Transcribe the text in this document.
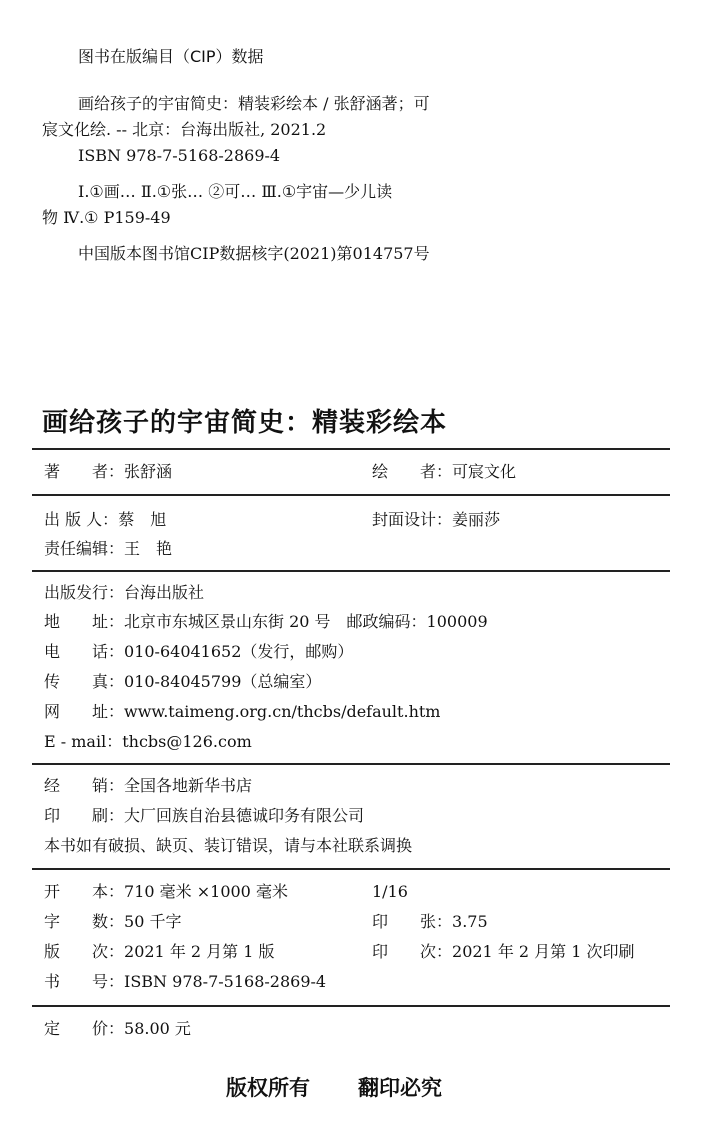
图书在版编目（CIP）数据
画给孩子的宇宙简史：精装彩绘本 / 张舒涵著；可
宸文化绘. -- 北京：台海出版社, 2021.2
ISBN 978-7-5168-2869-4
Ⅰ.①画… Ⅱ.①张… ②可… Ⅲ.①宇宙—少儿读
物 Ⅳ.① P159-49
中国版本图书馆CIP数据核字(2021)第014757号
画给孩子的宇宙简史：精装彩绘本
著　　者：张舒涵	绘　　者：可宸文化
出 版 人：蔡　旭	封面设计：姜丽莎
责任编辑：王　艳
出版发行：台海出版社
地　　址：北京市东城区景山东街 20 号　邮政编码：100009
电　　话：010-64041652（发行，邮购）
传　　真：010-84045799（总编室）
网　　址：www.taimeng.org.cn/thcbs/default.htm
E - mail：thcbs@126.com
经　　销：全国各地新华书店
印　　刷：大厂回族自治县德诚印务有限公司
本书如有破损、缺页、装订错误，请与本社联系调换
开　　本：710 毫米 ×1000 毫米	1/16
字　　数：50 千字	印　　张：3.75
版　　次：2021 年 2 月第 1 版	印　　次：2021 年 2 月第 1 次印刷
书　　号：ISBN 978-7-5168-2869-4
定　　价：58.00 元
版权所有 翻印必究
